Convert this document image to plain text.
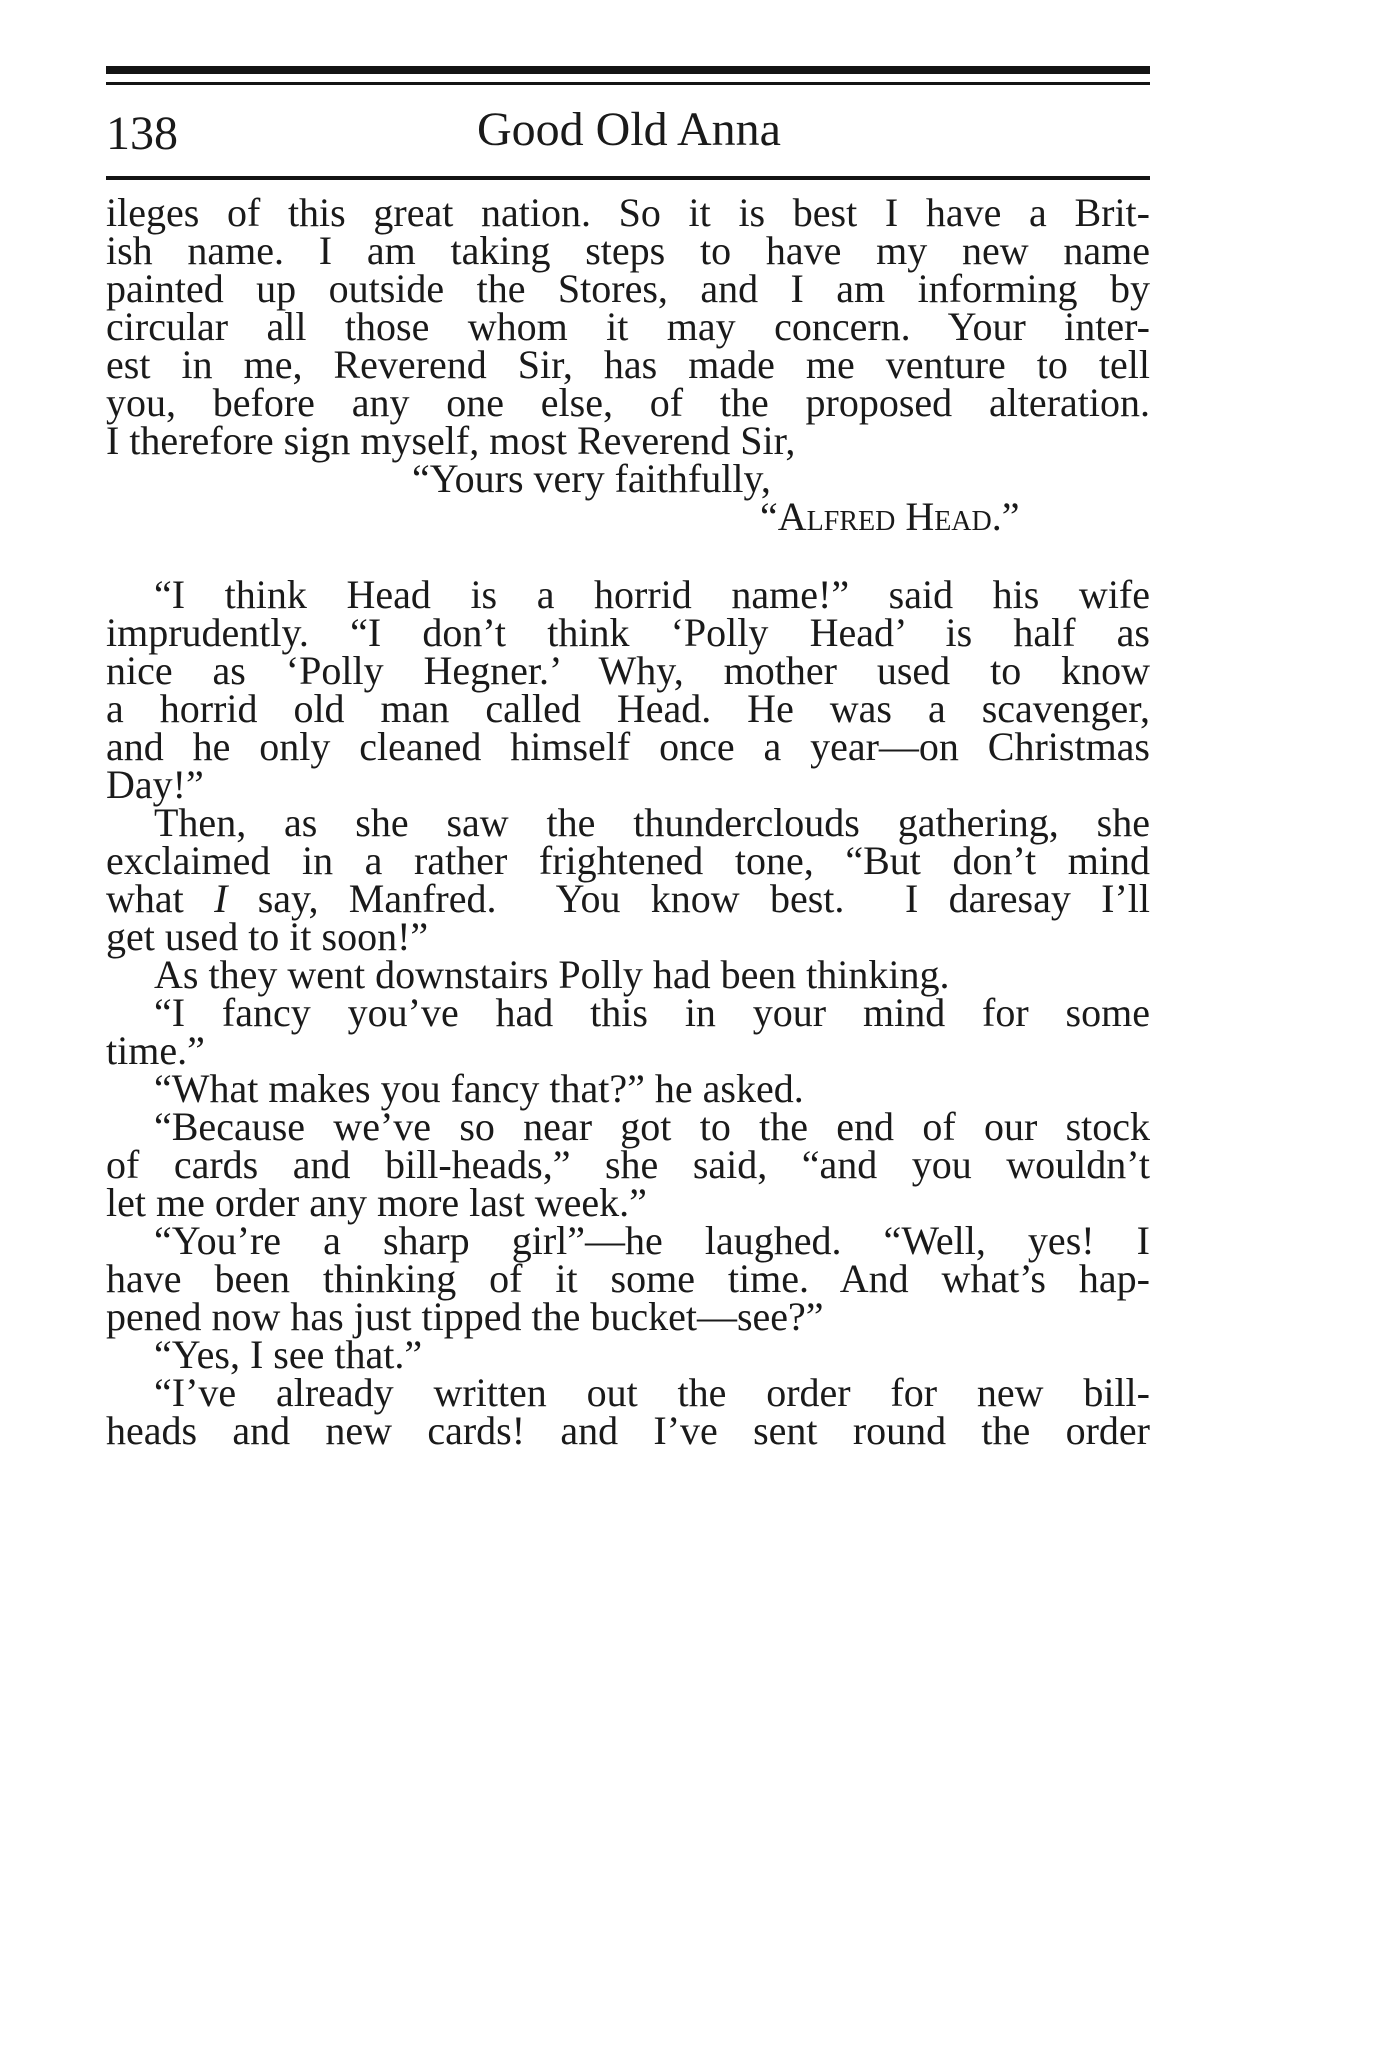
138	Good Old Anna
ileges of this great nation. So it is best I have a Brit-
ish name. I am taking steps to have my new name
painted up outside the Stores, and I am informing by
circular all those whom it may concern. Your inter-
est in me, Reverend Sir, has made me venture to tell
you, before any one else, of the proposed alteration.
I therefore sign myself, most Reverend Sir,
“Yours very faithfully,
“Alfred Head.”
“I think Head is a horrid name!” said his wife
imprudently. “I don’t think ‘Polly Head’ is half as
nice as ‘Polly Hegner.’ Why, mother used to know
a horrid old man called Head. He was a scavenger,
and he only cleaned himself once a year—on Christmas
Day!”
Then, as she saw the thunderclouds gathering, she
exclaimed in a rather frightened tone, “But don’t mind
what I say, Manfred.  You know best.  I daresay I’ll
get used to it soon!”
As they went downstairs Polly had been thinking.
“I fancy you’ve had this in your mind for some
time.”
“What makes you fancy that?” he asked.
“Because we’ve so near got to the end of our stock
of cards and bill-heads,” she said, “and you wouldn’t
let me order any more last week.”
“You’re a sharp girl”—he laughed. “Well, yes! I
have been thinking of it some time. And what’s hap-
pened now has just tipped the bucket—see?”
“Yes, I see that.”
“I’ve already written out the order for new bill-
heads and new cards! and I’ve sent round the order
